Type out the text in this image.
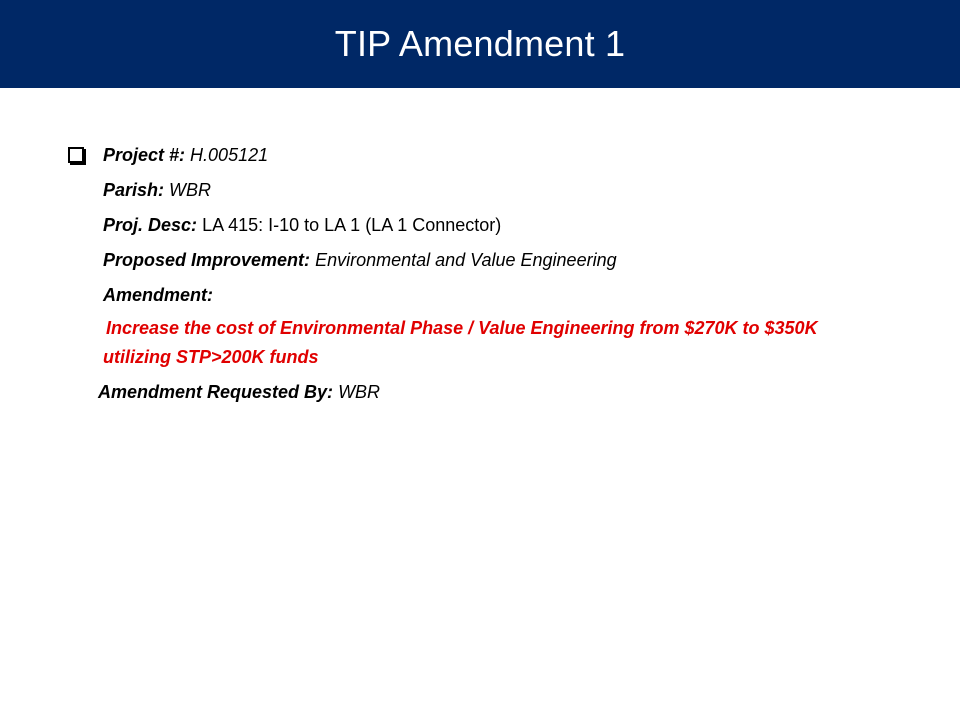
TIP Amendment 1
Project #: H.005121
Parish: WBR
Proj. Desc: LA 415: I-10 to LA 1 (LA 1 Connector)
Proposed Improvement: Environmental and Value Engineering
Amendment:
Increase the cost of Environmental Phase / Value Engineering from $270K to $350K utilizing STP>200K funds
Amendment Requested By: WBR
